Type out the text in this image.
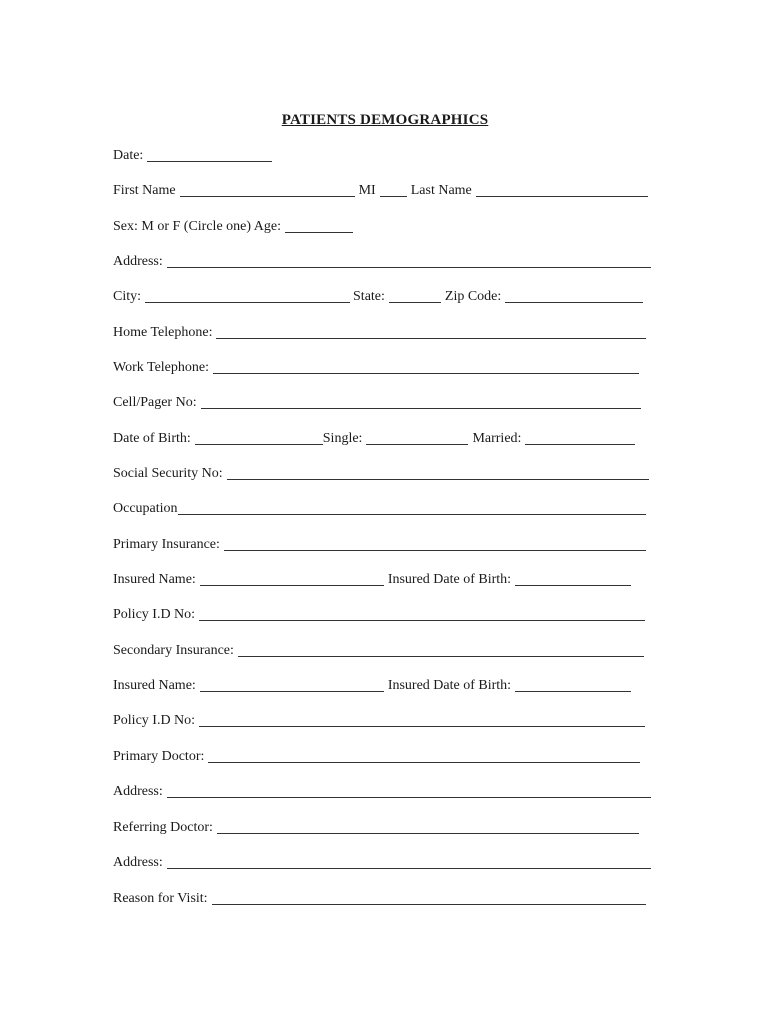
PATIENTS DEMOGRAPHICS
Date:
First Name	MI	Last Name
Sex: M or F (Circle one) Age:
Address:
City:	State:	Zip Code:
Home Telephone:
Work Telephone:
Cell/Pager No:
Date of Birth:	Single:	Married:
Social Security No:
Occupation
Primary Insurance:
Insured Name:	Insured Date of Birth:
Policy I.D No:
Secondary Insurance:
Insured Name:	Insured Date of Birth:
Policy I.D No:
Primary Doctor:
Address:
Referring Doctor:
Address:
Reason for Visit:
